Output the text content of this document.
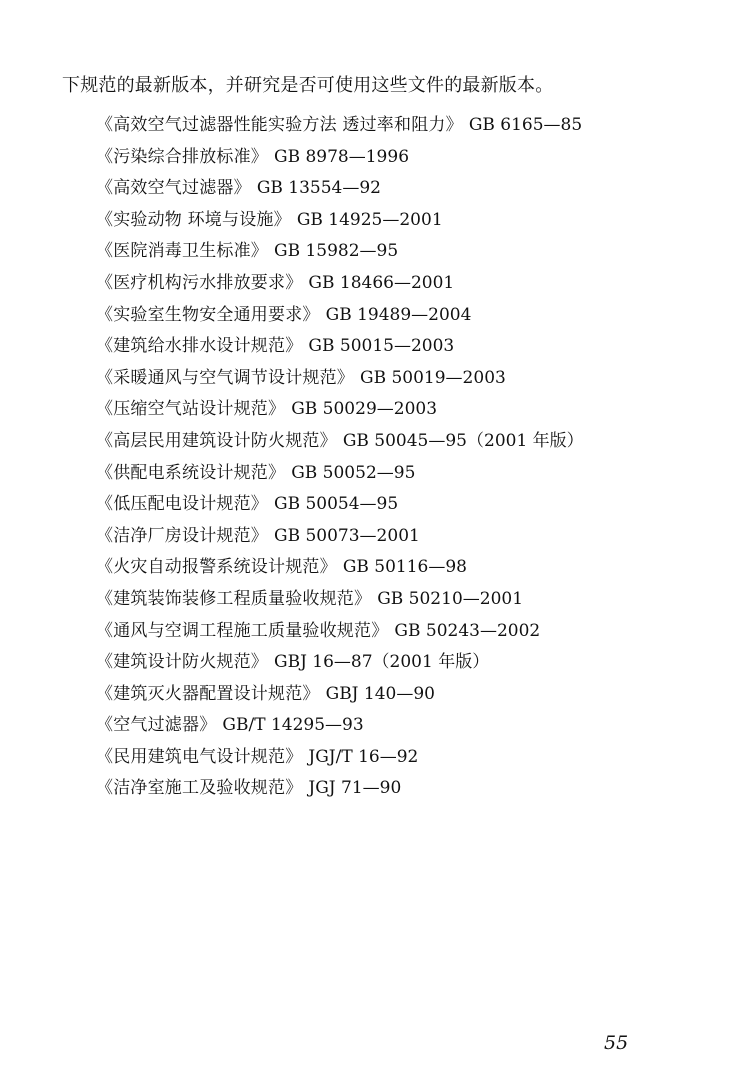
下规范的最新版本，并研究是否可使用这些文件的最新版本。
《高效空气过滤器性能实验方法 透过率和阻力》 GB 6165—85
《污染综合排放标准》 GB 8978—1996
《高效空气过滤器》 GB 13554—92
《实验动物 环境与设施》 GB 14925—2001
《医院消毒卫生标准》 GB 15982—95
《医疗机构污水排放要求》 GB 18466—2001
《实验室生物安全通用要求》 GB 19489—2004
《建筑给水排水设计规范》 GB 50015—2003
《采暖通风与空气调节设计规范》 GB 50019—2003
《压缩空气站设计规范》 GB 50029—2003
《高层民用建筑设计防火规范》 GB 50045—95（2001 年版）
《供配电系统设计规范》 GB 50052—95
《低压配电设计规范》 GB 50054—95
《洁净厂房设计规范》 GB 50073—2001
《火灾自动报警系统设计规范》 GB 50116—98
《建筑装饰装修工程质量验收规范》 GB 50210—2001
《通风与空调工程施工质量验收规范》 GB 50243—2002
《建筑设计防火规范》 GBJ 16—87（2001 年版）
《建筑灭火器配置设计规范》 GBJ 140—90
《空气过滤器》 GB/T 14295—93
《民用建筑电气设计规范》 JGJ/T 16—92
《洁净室施工及验收规范》 JGJ 71—90
55
